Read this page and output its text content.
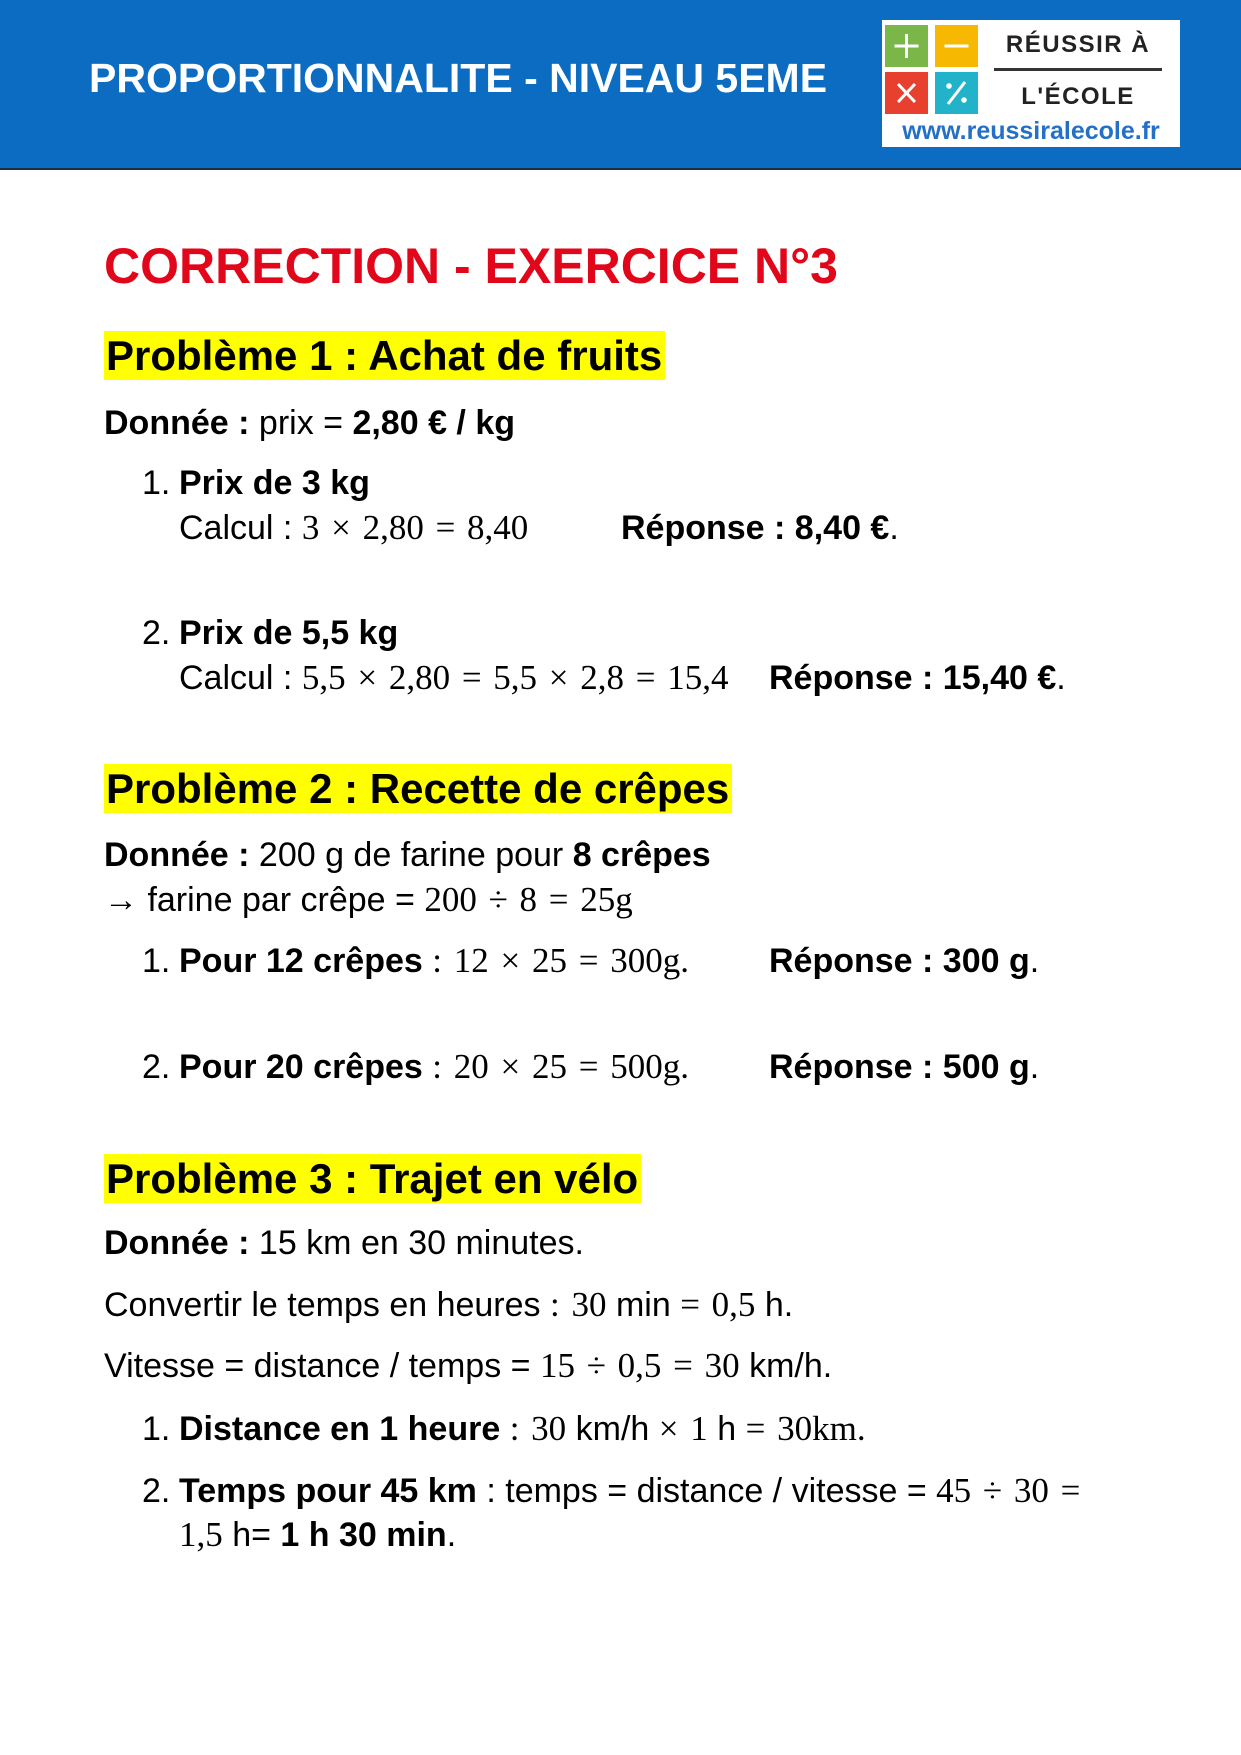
PROPORTIONNALITE - NIVEAU 5EME
RÉUSSIR À
L'ÉCOLE
www.reussiralecole.fr
CORRECTION - EXERCICE N°3
Problème 1 : Achat de fruits
Donnée : prix = 2,80 € / kg
1. Prix de 3 kg
Calcul : 3 × 2,80 = 8,40	Réponse : 8,40 €.
2. Prix de 5,5 kg
Calcul : 5,5 × 2,80 = 5,5 × 2,8 = 15,4 Réponse : 15,40 €.
Problème 2 : Recette de crêpes
Donnée : 200 g de farine pour 8 crêpes
→ farine par crêpe = 200 ÷ 8 = 25g
1. Pour 12 crêpes : 12 × 25 = 300g. Réponse : 300 g.
2. Pour 20 crêpes : 20 × 25 = 500g. Réponse : 500 g.
Problème 3 : Trajet en vélo
Donnée : 15 km en 30 minutes.
Convertir le temps en heures : 30 min = 0,5 h.
Vitesse = distance / temps = 15 ÷ 0,5 = 30 km/h.
1. Distance en 1 heure : 30 km/h × 1 h = 30km.
2. Temps pour 45 km : temps = distance / vitesse = 45 ÷ 30 =
1,5 h= 1 h 30 min.
